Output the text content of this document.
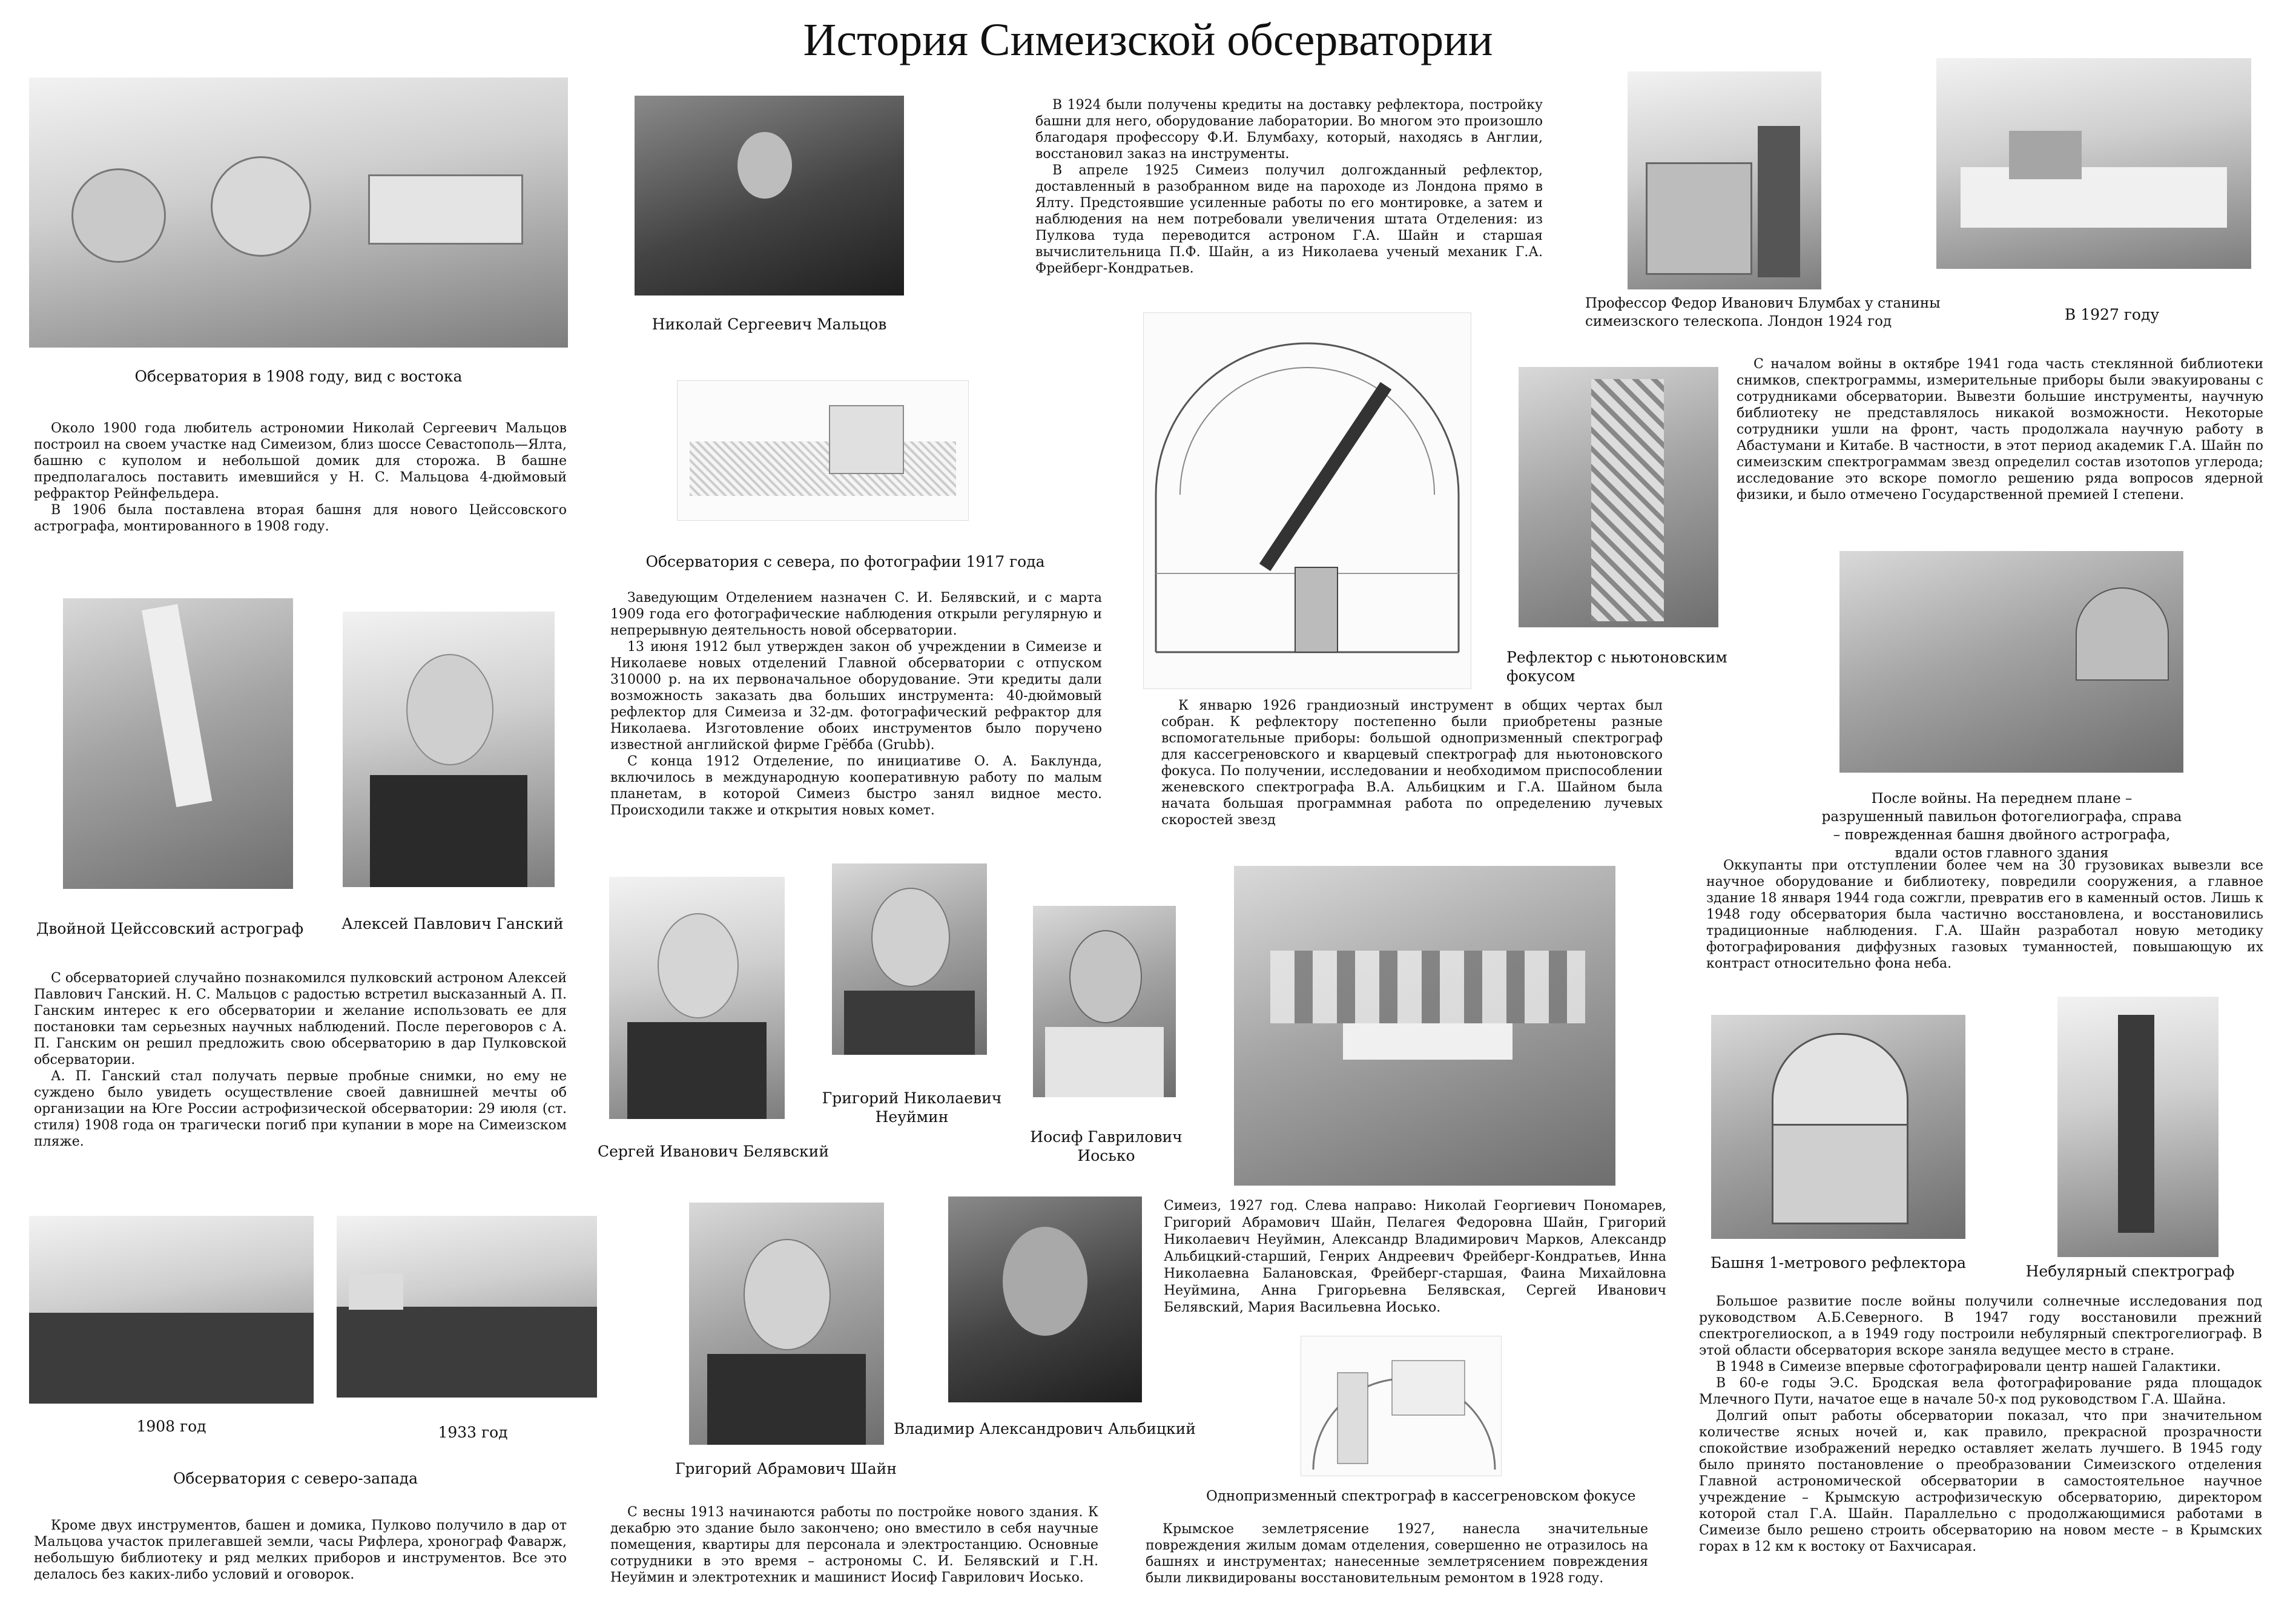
История Симеизской обсерватории
Обсерватория в 1908 году, вид с востока
Николай Сергеевич Мальцов
Обсерватория с севера, по фотографии 1917 года
Профессор Федор Иванович Блумбах у станины симеизского телескопа. Лондон 1924 год	В 1927 году
Рефлектор с ньютоновским фокусом
Двойной Цейссовский астрограф	Алексей Павлович Ганский
Сергей Иванович Белявский
Григорий Николаевич Неуймин
Иосиф Гаврилович Иосько
После войны. На переднем плане – разрушенный павильон фотогелиографа, справа – поврежденная башня двойного астрографа, вдали остов главного здания
Симеиз, 1927 год. Слева направо: Николай Георгиевич Пономарев, Григорий Абрамович Шайн, Пелагея Федоровна Шайн, Григорий Николаевич Неуймин, Александр Владимирович Марков, Александр Альбицкий-старший, Генрих Андреевич Фрейберг-Кондратьев, Инна Николаевна Балановская, Фрейберг-старшая, Фаина Михайловна Неуймина, Анна Григорьевна Белявская, Сергей Иванович Белявский, Мария Васильевна Иосько.
Башня 1-метрового рефлектора	Небулярный спектрограф
1908 год	1933 год
Обсерватория с северо-запада
Григорий Абрамович Шайн
Владимир Александрович Альбицкий
Однопризменный спектрограф в кассегреновском фокусе

Около 1900 года любитель астрономии Николай Сергеевич Мальцов построил на своем участке над Симеизом, близ шоссе Севастополь—Ялта, башню с куполом и небольшой домик для сторожа. В башне предполагалось поставить имевшийся у Н. С. Мальцова 4-дюймовый рефрактор Рейнфельдера.

В 1906 была поставлена вторая башня для нового Цейссовского астрографа, монтированного в 1908 году.

В 1924 были получены кредиты на доставку рефлектора, постройку башни для него, оборудование лаборатории. Во многом это произошло благодаря профессору Ф.И. Блумбаху, который, находясь в Англии, восстановил заказ на инструменты.

В апреле 1925 Симеиз получил долгожданный рефлектор, доставленный в разобранном виде на пароходе из Лондона прямо в Ялту. Предстоявшие усиленные работы по его монтировке, а затем и наблюдения на нем потребовали увеличения штата Отделения: из Пулкова туда переводится астроном Г.А. Шайн и старшая вычислительница П.Ф. Шайн, а из Николаева ученый механик Г.А. Фрейберг-Кондратьев.

С началом войны в октябре 1941 года часть стеклянной библиотеки снимков, спектрограммы, измерительные приборы были эвакуированы с сотрудниками обсерватории. Вывезти большие инструменты, научную библиотеку не представлялось никакой возможности. Некоторые сотрудники ушли на фронт, часть продолжала научную работу в Абастумани и Китабе. В частности, в этот период академик Г.А. Шайн по симеизским спектрограммам звезд определил состав изотопов углерода; исследование это вскоре помогло решению ряда вопросов ядерной физики, и было отмечено Государственной премией I степени.

Заведующим Отделением назначен С. И. Белявский, и с марта 1909 года его фотографические наблюдения открыли регулярную и непрерывную деятельность новой обсерватории.

13 июня 1912 был утвержден закон об учреждении в Симеизе и Николаеве новых отделений Главной обсерватории с отпуском 310000 р. на их первоначальное оборудование. Эти кредиты дали возможность заказать два больших инструмента: 40-дюймовый рефлектор для Симеиза и 32-дм. фотографический рефрактор для Николаева. Изготовление обоих инструментов было поручено известной английской фирме Грёбба (Grubb).

С конца 1912 Отделение, по инициативе О. А. Баклунда, включилось в международную кооперативную работу по малым планетам, в которой Симеиз быстро занял видное место. Происходили также и открытия новых комет.

К январю 1926 грандиозный инструмент в общих чертах был собран. К рефлектору постепенно были приобретены разные вспомогательные приборы: большой однопризменный спектрограф для кассегреновского и кварцевый спектрограф для ньютоновского фокуса. По получении, исследовании и необходимом приспособлении женевского спектрографа В.А. Альбицким и Г.А. Шайном была начата большая программная работа по определению лучевых скоростей звезд

С обсерваторией случайно познакомился пулковский астроном Алексей Павлович Ганский. Н. С. Мальцов с радостью встретил высказанный А. П. Ганским интерес к его обсерватории и желание использовать ее для постановки там серьезных научных наблюдений. После переговоров с А. П. Ганским он решил предложить свою обсерваторию в дар Пулковской обсерватории.

А. П. Ганский стал получать первые пробные снимки, но ему не суждено было увидеть осуществление своей давнишней мечты об организации на Юге России астрофизической обсерватории: 29 июля (ст. стиля) 1908 года он трагически погиб при купании в море на Симеизском пляже.

Оккупанты при отступлении более чем на 30 грузовиках вывезли все научное оборудование и библиотеку, повредили сооружения, а главное здание 18 января 1944 года сожгли, превратив его в каменный остов. Лишь к 1948 году обсерватория была частично восстановлена, и восстановились традиционные наблюдения. Г.А. Шайн разработал новую методику фотографирования диффузных газовых туманностей, повышающую их контраст относительно фона неба.

Большое развитие после войны получили солнечные исследования под руководством А.Б.Северного. В 1947 году восстановили прежний спектрогелиоскоп, а в 1949 году построили небулярный спектрогелиограф. В этой области обсерватория вскоре заняла ведущее место в стране.

В 1948 в Симеизе впервые сфотографировали центр нашей Галактики.

В 60-е годы Э.С. Бродская вела фотографирование ряда площадок Млечного Пути, начатое еще в начале 50-х под руководством Г.А. Шайна.

Долгий опыт работы обсерватории показал, что при значительном количестве ясных ночей и, как правило, прекрасной прозрачности спокойствие изображений нередко оставляет желать лучшего. В 1945 году было принято постановление о преобразовании Симеизского отделения Главной астрономической обсерватории в самостоятельное научное учреждение – Крымскую астрофизическую обсерваторию, директором которой стал Г.А. Шайн. Параллельно с продолжающимися работами в Симеизе было решено строить обсерваторию на новом месте – в Крымских горах в 12 км к востоку от Бахчисарая.

Кроме двух инструментов, башен и домика, Пулково получило в дар от Мальцова участок прилегавшей земли, часы Рифлера, хронограф Фаварж, небольшую библиотеку и ряд мелких приборов и инструментов. Все это делалось без каких-либо условий и оговорок.

С весны 1913 начинаются работы по постройке нового здания. К декабрю это здание было закончено; оно вместило в себя научные помещения, квартиры для персонала и электростанцию. Основные сотрудники в это время – астрономы С. И. Белявский и Г.Н. Неуймин и электротехник и машинист Иосиф Гаврилович Иосько.

Крымское землетрясение 1927, нанесла значительные повреждения жилым домам отделения, совершенно не отразилось на башнях и инструментах; нанесенные землетрясением повреждения были ликвидированы восстановительным ремонтом в 1928 году.
